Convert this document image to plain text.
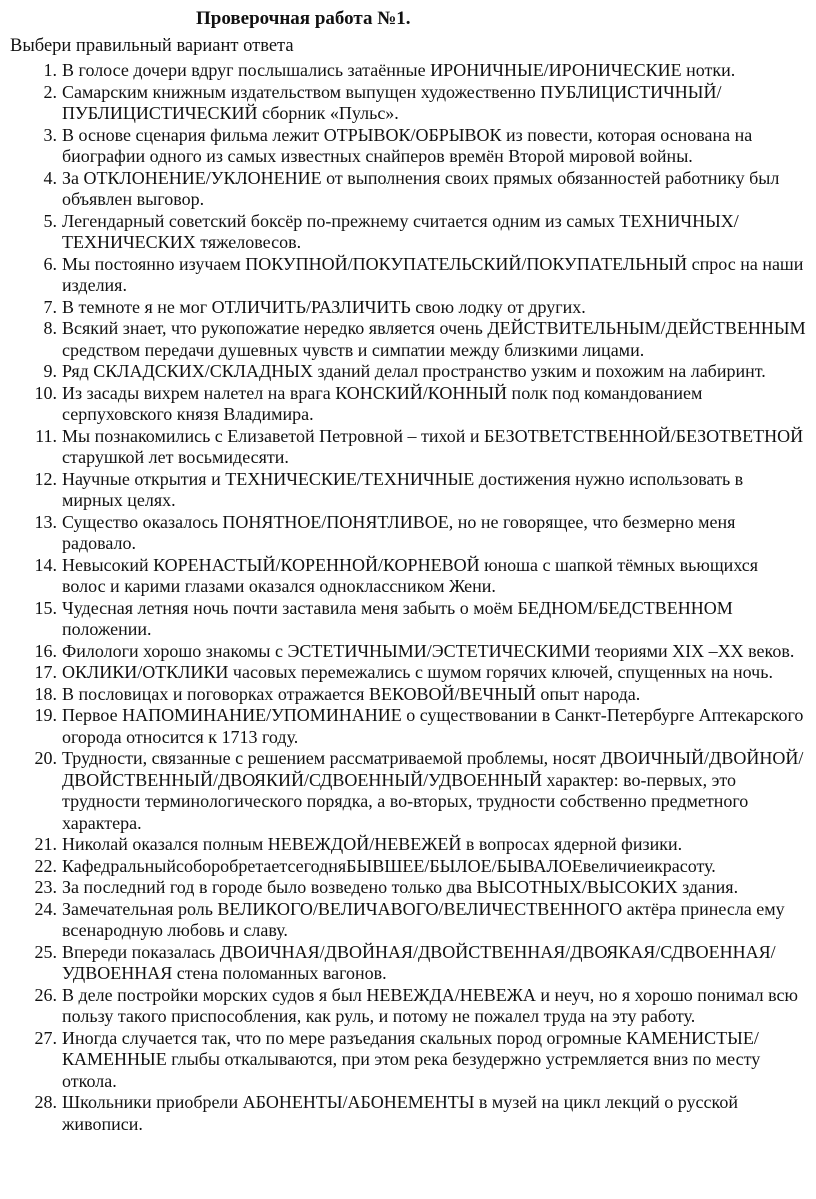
Проверочная работа №1.
Выбери правильный вариант ответа
1. В голосе дочери вдруг послышались затаённые ИРОНИЧНЫЕ/ИРОНИЧЕСКИЕ нотки.
2. Самарским книжным издательством выпущен художественно ПУБЛИЦИСТИЧНЫЙ/ПУБЛИЦИСТИЧЕСКИЙ сборник «Пульс».
3. В основе сценария фильма лежит ОТРЫВОК/ОБРЫВОК из повести, которая основана на биографии одного из самых известных снайперов времён Второй мировой войны.
4. За ОТКЛОНЕНИЕ/УКЛОНЕНИЕ от выполнения своих прямых обязанностей работнику был объявлен выговор.
5. Легендарный советский боксёр по-прежнему считается одним из самых ТЕХНИЧНЫХ/ТЕХНИЧЕСКИХ тяжеловесов.
6. Мы постоянно изучаем ПОКУПНОЙ/ПОКУПАТЕЛЬСКИЙ/ПОКУПАТЕЛЬНЫЙ спрос на наши изделия.
7. В темноте я не мог ОТЛИЧИТЬ/РАЗЛИЧИТЬ свою лодку от других.
8. Всякий знает, что рукопожатие нередко является очень ДЕЙСТВИТЕЛЬНЫМ/ДЕЙСТВЕННЫМ средством передачи душевных чувств и симпатии между близкими лицами.
9. Ряд СКЛАДСКИХ/СКЛАДНЫХ зданий делал пространство узким и похожим на лабиринт.
10. Из засады вихрем налетел на врага КОНСКИЙ/КОННЫЙ полк под командованием серпуховского князя Владимира.
11. Мы познакомились с Елизаветой Петровной – тихой и БЕЗОТВЕТСТВЕННОЙ/БЕЗОТВЕТНОЙ старушкой лет восьмидесяти.
12. Научные открытия и ТЕХНИЧЕСКИЕ/ТЕХНИЧНЫЕ достижения нужно использовать в мирных целях.
13. Существо оказалось ПОНЯТНОЕ/ПОНЯТЛИВОЕ, но не говорящее, что безмерно меня радовало.
14. Невысокий КОРЕНАСТЫЙ/КОРЕННОЙ/КОРНЕВОЙ юноша с шапкой тёмных вьющихся волос и карими глазами оказался одноклассником Жени.
15. Чудесная летняя ночь почти заставила меня забыть о моём БЕДНОМ/БЕДСТВЕННОМ положении.
16. Филологи хорошо знакомы с ЭСТЕТИЧНЫМИ/ЭСТЕТИЧЕСКИМИ теориями XIX –XX веков.
17. ОКЛИКИ/ОТКЛИКИ часовых перемежались с шумом горячих ключей, спущенных на ночь.
18. В пословицах и поговорках отражается ВЕКОВОЙ/ВЕЧНЫЙ опыт народа.
19. Первое НАПОМИНАНИЕ/УПОМИНАНИЕ о существовании в Санкт-Петербурге Аптекарского огорода относится к 1713 году.
20. Трудности, связанные с решением рассматриваемой проблемы, носят ДВОИЧНЫЙ/ДВОЙНОЙ/ДВОЙСТВЕННЫЙ/ДВОЯКИЙ/СДВОЕННЫЙ/УДВОЕННЫЙ характер: во-первых, это трудности терминологического порядка, а во-вторых, трудности собственно предметного характера.
21. Николай оказался полным НЕВЕЖДОЙ/НЕВЕЖЕЙ в вопросах ядерной физики.
22. КафедральныйсоборобретаетсегодняБЫВШЕЕ/БЫЛОЕ/БЫВАЛОЕвеличиеикрасоту.
23. За последний год в городе было возведено только два ВЫСОТНЫХ/ВЫСОКИХ здания.
24. Замечательная роль ВЕЛИКОГО/ВЕЛИЧАВОГО/ВЕЛИЧЕСТВЕННОГО актёра принесла ему всенародную любовь и славу.
25. Впереди показалась ДВОИЧНАЯ/ДВОЙНАЯ/ДВОЙСТВЕННАЯ/ДВОЯКАЯ/СДВОЕННАЯ/ УДВОЕННАЯ стена поломанных вагонов.
26. В деле постройки морских судов я был НЕВЕЖДА/НЕВЕЖА и неуч, но я хорошо понимал всю пользу такого приспособления, как руль, и потому не пожалел труда на эту работу.
27. Иногда случается так, что по мере разъедания скальных пород огромные КАМЕНИСТЫЕ/ КАМЕННЫЕ глыбы откалываются, при этом река безудержно устремляется вниз по месту откола.
28. Школьники приобрели АБОНЕНТЫ/АБОНЕМЕНТЫ в музей на цикл лекций о русской живописи.
